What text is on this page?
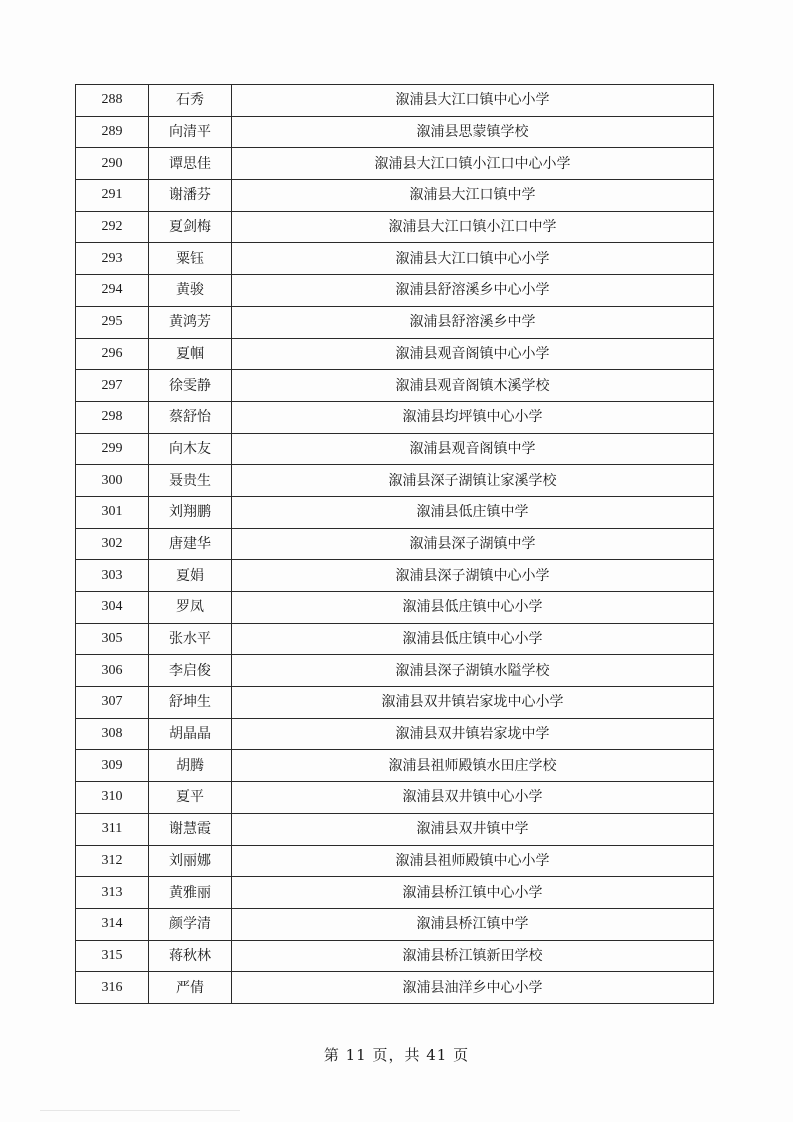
288	石秀	溆浦县大江口镇中心小学
289	向清平	溆浦县思蒙镇学校
290	谭思佳	溆浦县大江口镇小江口中心小学
291	谢潘芬	溆浦县大江口镇中学
292	夏剑梅	溆浦县大江口镇小江口中学
293	粟钰	溆浦县大江口镇中心小学
294	黄骏	溆浦县舒溶溪乡中心小学
295	黄鸿芳	溆浦县舒溶溪乡中学
296	夏帼	溆浦县观音阁镇中心小学
297	徐雯静	溆浦县观音阁镇木溪学校
298	蔡舒怡	溆浦县均坪镇中心小学
299	向木友	溆浦县观音阁镇中学
300	聂贵生	溆浦县深子湖镇让家溪学校
301	刘翔鹏	溆浦县低庄镇中学
302	唐建华	溆浦县深子湖镇中学
303	夏娟	溆浦县深子湖镇中心小学
304	罗凤	溆浦县低庄镇中心小学
305	张水平	溆浦县低庄镇中心小学
306	李启俊	溆浦县深子湖镇水隘学校
307	舒坤生	溆浦县双井镇岩家垅中心小学
308	胡晶晶	溆浦县双井镇岩家垅中学
309	胡腾	溆浦县祖师殿镇水田庄学校
310	夏平	溆浦县双井镇中心小学
311	谢慧霞	溆浦县双井镇中学
312	刘丽娜	溆浦县祖师殿镇中心小学
313	黄雅丽	溆浦县桥江镇中心小学
314	颜学清	溆浦县桥江镇中学
315	蒋秋林	溆浦县桥江镇新田学校
316	严倩	溆浦县油洋乡中心小学
第 11 页，共 41 页
